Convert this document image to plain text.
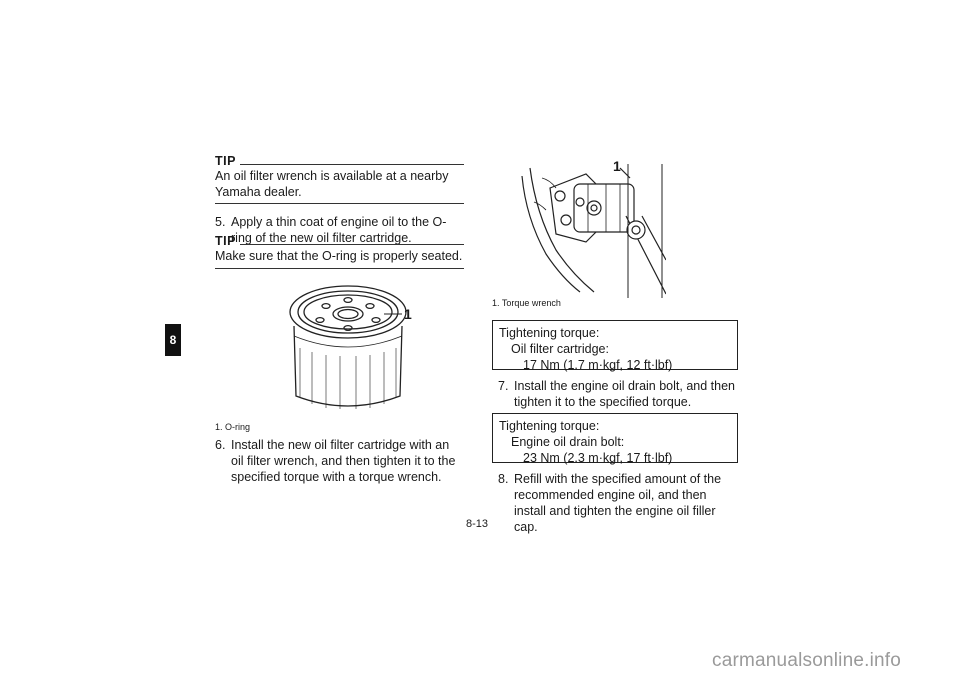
8
TIP
An oil filter wrench is available at a nearby Yamaha dealer.
5. Apply a thin coat of engine oil to the O-ring of the new oil filter cartridge.
TIP
Make sure that the O-ring is properly seated.
1
1. O-ring
6. Install the new oil filter cartridge with an oil filter wrench, and then tighten it to the specified torque with a torque wrench.
1
1. Torque wrench
Tightening torque:
Oil filter cartridge:
17 Nm (1.7 m·kgf, 12 ft·lbf)
7. Install the engine oil drain bolt, and then tighten it to the specified torque.
Tightening torque:
Engine oil drain bolt:
23 Nm (2.3 m·kgf, 17 ft·lbf)
8. Refill with the specified amount of the recommended engine oil, and then install and tighten the engine oil filler cap.
8-13
carmanualsonline.info
